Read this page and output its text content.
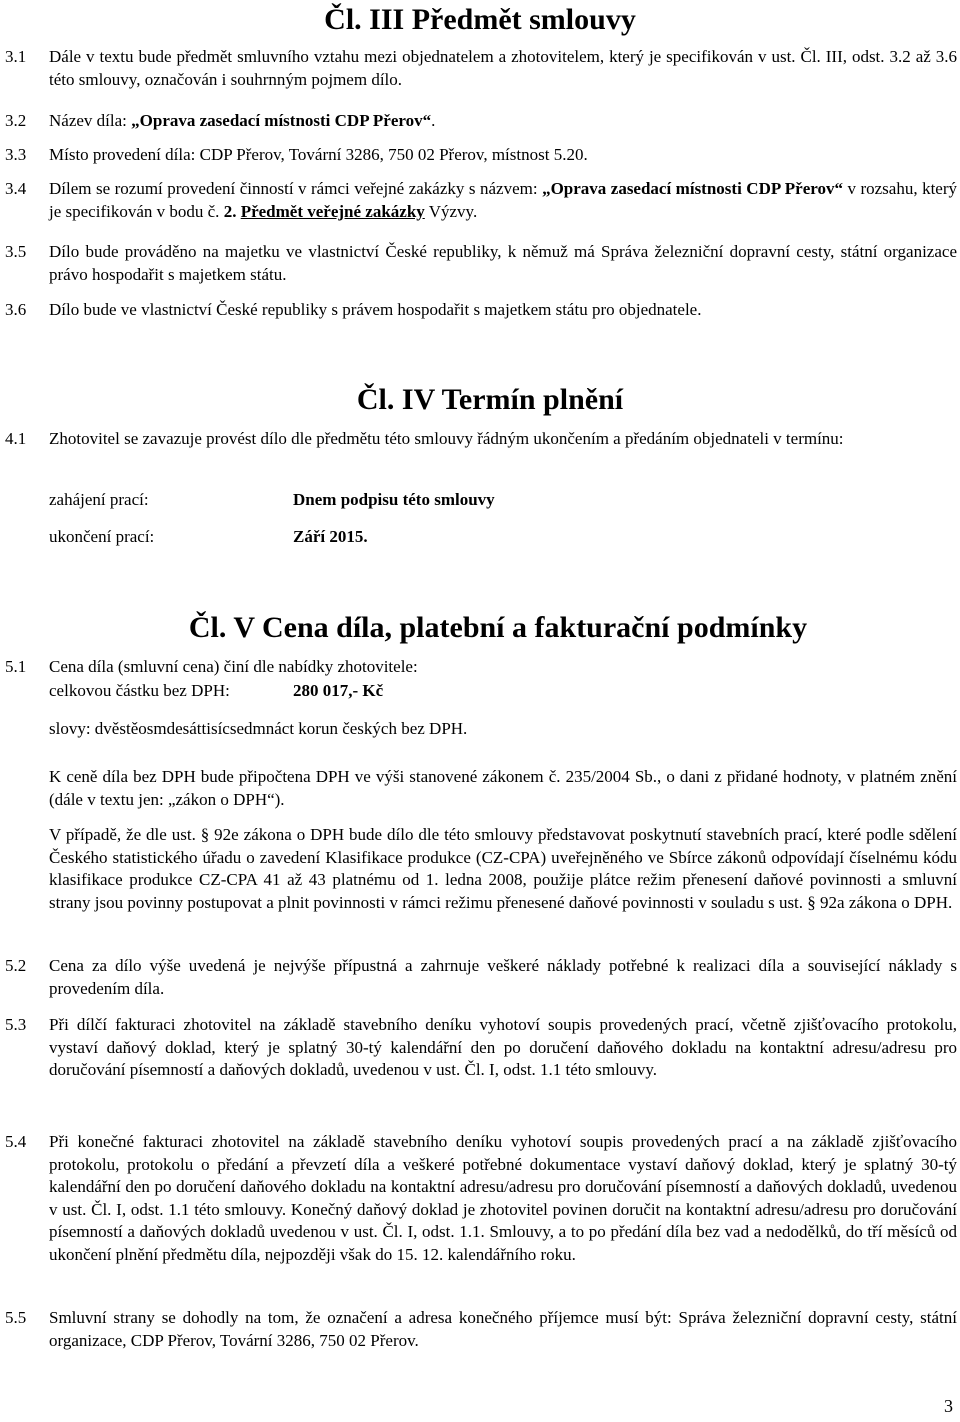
Čl. III Předmět smlouvy
3.1	Dále v textu bude předmět smluvního vztahu mezi objednatelem a zhotovitelem, který je specifikován v ust. Čl. III, odst. 3.2 až 3.6 této smlouvy, označován i souhrnným pojmem dílo.

3.2	Název díla: „Oprava zasedací místnosti CDP Přerov“.

3.3	Místo provedení díla: CDP Přerov, Tovární 3286, 750 02 Přerov, místnost 5.20.

3.4	Dílem se rozumí provedení činností v rámci veřejné zakázky s názvem: „Oprava zasedací místnosti CDP Přerov“ v rozsahu, který je specifikován v bodu č. 2. Předmět veřejné zakázky Výzvy.

3.5	Dílo bude prováděno na majetku ve vlastnictví České republiky, k němuž má Správa železniční dopravní cesty, státní organizace právo hospodařit s majetkem státu.

3.6	Dílo bude ve vlastnictví České republiky s právem hospodařit s majetkem státu pro objednatele.

Čl. IV Termín plnění
4.1	Zhotovitel se zavazuje provést dílo dle předmětu této smlouvy řádným ukončením a předáním objednateli v termínu:

zahájení prací:	Dnem podpisu této smlouvy
ukončení prací:	Září 2015.
Čl. V Cena díla, platební a fakturační podmínky
5.1	Cena díla (smluvní cena) činí dle nabídky zhotovitele:

celkovou částku bez DPH:	280 017,- Kč
slovy: dvěstěosmdesáttisícsedmnáct korun českých bez DPH.
K ceně díla bez DPH bude připočtena DPH ve výši stanovené zákonem č. 235/2004 Sb., o dani z přidané hodnoty, v platném znění (dále v textu jen: „zákon o DPH“).
V případě, že dle ust. § 92e zákona o DPH bude dílo dle této smlouvy představovat poskytnutí stavebních prací, které podle sdělení Českého statistického úřadu o zavedení Klasifikace produkce (CZ-CPA) uveřejněného ve Sbírce zákonů odpovídají číselnému kódu klasifikace produkce CZ-CPA 41 až 43 platnému od 1. ledna 2008, použije plátce režim přenesení daňové povinnosti a smluvní strany jsou povinny postupovat a plnit povinnosti v rámci režimu přenesené daňové povinnosti v souladu s ust. § 92a zákona o DPH.
5.2	Cena za dílo výše uvedená je nejvýše přípustná a zahrnuje veškeré náklady potřebné k realizaci díla a související náklady s provedením díla.

5.3	Při dílčí fakturaci zhotovitel na základě stavebního deníku vyhotoví soupis provedených prací, včetně zjišťovacího protokolu, vystaví daňový doklad, který je splatný 30-tý kalendářní den po doručení daňového dokladu na kontaktní adresu/adresu pro doručování písemností a daňových dokladů, uvedenou v ust. Čl. I, odst. 1.1 této smlouvy.

5.4	Při konečné fakturaci zhotovitel na základě stavebního deníku vyhotoví soupis provedených prací a na základě zjišťovacího protokolu, protokolu o předání a převzetí díla a veškeré potřebné dokumentace vystaví daňový doklad, který je splatný 30-tý kalendářní den po doručení daňového dokladu na kontaktní adresu/adresu pro doručování písemností a daňových dokladů, uvedenou v ust. Čl. I, odst. 1.1 této smlouvy. Konečný daňový doklad je zhotovitel povinen doručit na kontaktní adresu/adresu pro doručování písemností a daňových dokladů uvedenou v ust. Čl. I, odst. 1.1. Smlouvy, a to po předání díla bez vad a nedodělků, do tří měsíců od ukončení plnění předmětu díla, nejpozději však do 15. 12. kalendářního roku.

5.5	Smluvní strany se dohodly na tom, že označení a adresa konečného příjemce musí být: Správa železniční dopravní cesty, státní organizace, CDP Přerov, Tovární 3286, 750 02 Přerov.

3
